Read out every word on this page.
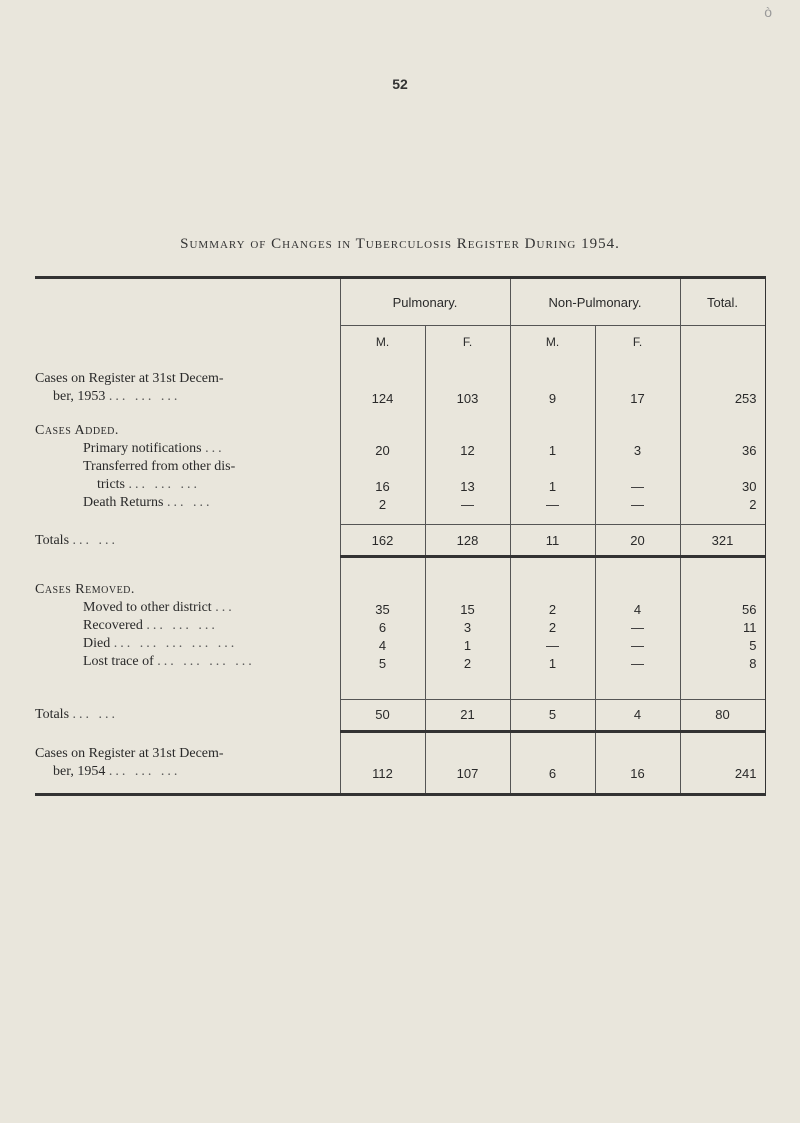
52
ò
Summary of Changes in Tuberculosis Register During 1954.
	Pulmonary.		Non-Pulmonary.		Total.
	M.	F.	M.	F.	

Cases on Register at 31st Decem-
ber, 1953 ... ... ...	124	103	9	17	253
Cases Added.					
Primary notifications ...	20	12	1	3	36
Transferred from other dis-
tricts ... ... ...	16	13	1	—	30
Death Returns ... ...	2	—	—	—	2

Totals ... ...	162	128	11	20	321
Cases Removed.					
Moved to other district ...	35	15	2	4	56
Recovered ... ... ...	6	3	2	—	11
Died ... ... ... ... ...	4	1	—	—	5
Lost trace of ... ... ... ...	5	2	1	—	8

Totals ... ...	50	21	5	4	80

Cases on Register at 31st Decem-
ber, 1954 ... ... ...	112	107	6	16	241
